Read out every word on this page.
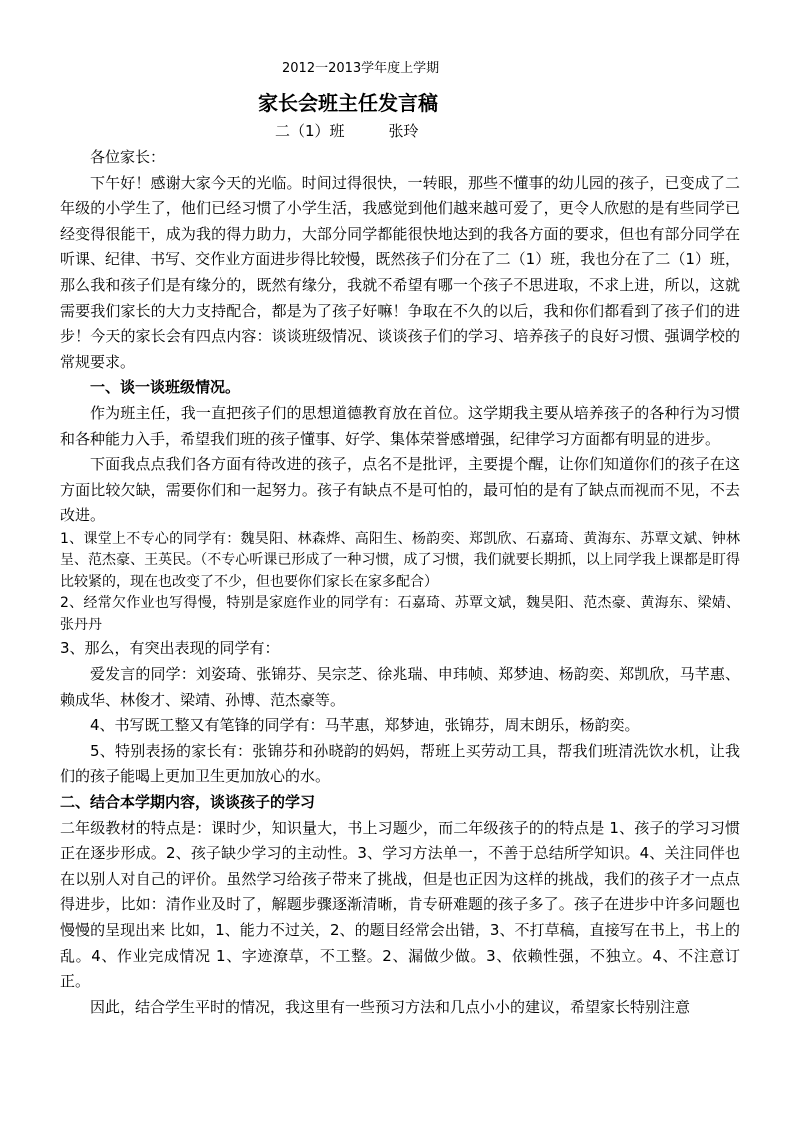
2012一2013学年度上学期
家长会班主任发言稿
二（1）班	张玲

各位家长：

下午好！感谢大家今天的光临。时间过得很快，一转眼，那些不懂事的幼儿园的孩子，已变成了二年级的小学生了，他们已经习惯了小学生活，我感觉到他们越来越可爱了，更令人欣慰的是有些同学已经变得很能干，成为我的得力助力，大部分同学都能很快地达到的我各方面的要求，但也有部分同学在听课、纪律、书写、交作业方面进步得比较慢，既然孩子们分在了二（1）班，我也分在了二（1）班，那么我和孩子们是有缘分的，既然有缘分，我就不希望有哪一个孩子不思进取，不求上进，所以，这就需要我们家长的大力支持配合，都是为了孩子好嘛！争取在不久的以后，我和你们都看到了孩子们的进步！今天的家长会有四点内容：谈谈班级情况、谈谈孩子们的学习、培养孩子的良好习惯、强调学校的常规要求。

一、谈一谈班级情况。

作为班主任，我一直把孩子们的思想道德教育放在首位。这学期我主要从培养孩子的各种行为习惯和各种能力入手，希望我们班的孩子懂事、好学、集体荣誉感增强，纪律学习方面都有明显的进步。

下面我点点我们各方面有待改进的孩子，点名不是批评，主要提个醒，让你们知道你们的孩子在这方面比较欠缺，需要你们和一起努力。孩子有缺点不是可怕的，最可怕的是有了缺点而视而不见，不去改进。

1、课堂上不专心的同学有：魏昊阳、林森烨、高阳生、杨韵奕、郑凯欣、石嘉琦、黄海东、苏覃文斌、钟林呈、范杰豪、王英民。（不专心听课已形成了一种习惯，成了习惯，我们就要长期抓，以上同学我上课都是盯得比较紧的，现在也改变了不少，但也要你们家长在家多配合）

2、经常欠作业也写得慢，特别是家庭作业的同学有：石嘉琦、苏覃文斌，魏昊阳、范杰豪、黄海东、梁婧、张丹丹

3、那么，有突出表现的同学有：

爱发言的同学：刘姿琦、张锦芬、吴宗芝、徐兆瑞、申玮帧、郑梦迪、杨韵奕、郑凯欣，马芊惠、赖成华、林俊才、梁靖、孙博、范杰豪等。

4、书写既工整又有笔锋的同学有：马芊惠，郑梦迪，张锦芬，周末朗乐，杨韵奕。

5、特别表扬的家长有：张锦芬和孙晓韵的妈妈，帮班上买劳动工具，帮我们班清洗饮水机，让我们的孩子能喝上更加卫生更加放心的水。

二、结合本学期内容，谈谈孩子的学习

二年级教材的特点是：课时少，知识量大，书上习题少，而二年级孩子的的特点是 1、孩子的学习习惯正在逐步形成。2、孩子缺少学习的主动性。3、学习方法单一，不善于总结所学知识。4、关注同伴也在以别人对自己的评价。虽然学习给孩子带来了挑战，但是也正因为这样的挑战，我们的孩子才一点点得进步，比如：清作业及时了，解题步骤逐渐清晰，肯专研难题的孩子多了。孩子在进步中许多问题也慢慢的呈现出来 比如，1、能力不过关，2、的题目经常会出错，3、不打草稿，直接写在书上，书上的乱。4、作业完成情况 1、字迹潦草，不工整。2、漏做少做。3、依赖性强，不独立。4、不注意订正。

因此，结合学生平时的情况，我这里有一些预习方法和几点小小的建议，希望家长特别注意
